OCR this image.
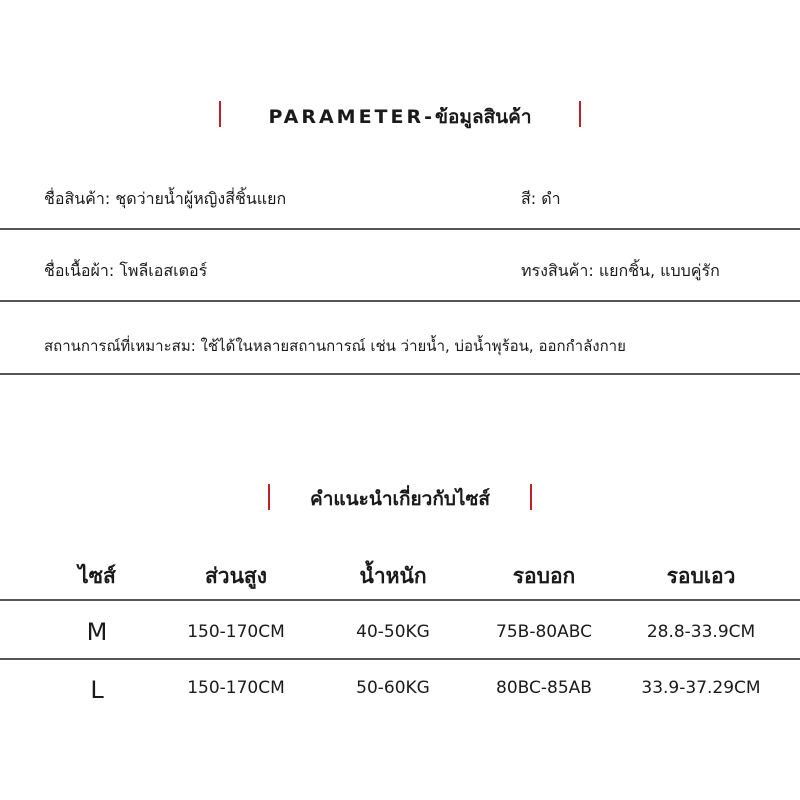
PARAMETER-ข้อมูลสินค้า
ชื่อสินค้า: ชุดว่ายน้ำผู้หญิงสี่ชิ้นแยก	สี: ดำ
ชื่อเนื้อผ้า: โพลีเอสเตอร์	ทรงสินค้า: แยกชิ้น, แบบคู่รัก
สถานการณ์ที่เหมาะสม: ใช้ได้ในหลายสถานการณ์ เช่น ว่ายน้ำ, บ่อน้ำพุร้อน, ออกกำลังกาย
คำแนะนำเกี่ยวกับไซส์
ไซส์	ส่วนสูง	น้ำหนัก	รอบอก	รอบเอว
M	150-170CM	40-50KG	75B-80ABC	28.8-33.9CM
L	150-170CM	50-60KG	80BC-85AB	33.9-37.29CM
